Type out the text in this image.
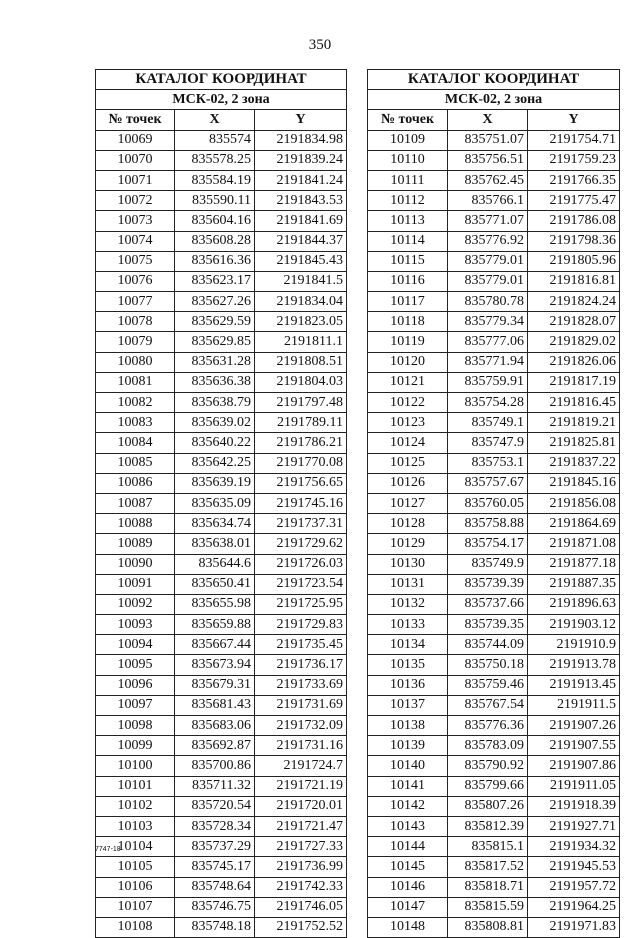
350
КАТАЛОГ КООРДИНАТ		
МСК-02, 2 зона		
№ точек	X	Y
10069	835574	2191834.98
10070	835578.25	2191839.24
10071	835584.19	2191841.24
10072	835590.11	2191843.53
10073	835604.16	2191841.69
10074	835608.28	2191844.37
10075	835616.36	2191845.43
10076	835623.17	2191841.5
10077	835627.26	2191834.04
10078	835629.59	2191823.05
10079	835629.85	2191811.1
10080	835631.28	2191808.51
10081	835636.38	2191804.03
10082	835638.79	2191797.48
10083	835639.02	2191789.11
10084	835640.22	2191786.21
10085	835642.25	2191770.08
10086	835639.19	2191756.65
10087	835635.09	2191745.16
10088	835634.74	2191737.31
10089	835638.01	2191729.62
10090	835644.6	2191726.03
10091	835650.41	2191723.54
10092	835655.98	2191725.95
10093	835659.88	2191729.83
10094	835667.44	2191735.45
10095	835673.94	2191736.17
10096	835679.31	2191733.69
10097	835681.43	2191731.69
10098	835683.06	2191732.09
10099	835692.87	2191731.16
10100	835700.86	2191724.7
10101	835711.32	2191721.19
10102	835720.54	2191720.01
10103	835728.34	2191721.47
10104	835737.29	2191727.33
10105	835745.17	2191736.99
10106	835748.64	2191742.33
10107	835746.75	2191746.05
10108	835748.18	2191752.52
КАТАЛОГ КООРДИНАТ		
МСК-02, 2 зона		
№ точек	X	Y
10109	835751.07	2191754.71
10110	835756.51	2191759.23
10111	835762.45	2191766.35
10112	835766.1	2191775.47
10113	835771.07	2191786.08
10114	835776.92	2191798.36
10115	835779.01	2191805.96
10116	835779.01	2191816.81
10117	835780.78	2191824.24
10118	835779.34	2191828.07
10119	835777.06	2191829.02
10120	835771.94	2191826.06
10121	835759.91	2191817.19
10122	835754.28	2191816.45
10123	835749.1	2191819.21
10124	835747.9	2191825.81
10125	835753.1	2191837.22
10126	835757.67	2191845.16
10127	835760.05	2191856.08
10128	835758.88	2191864.69
10129	835754.17	2191871.08
10130	835749.9	2191877.18
10131	835739.39	2191887.35
10132	835737.66	2191896.63
10133	835739.35	2191903.12
10134	835744.09	2191910.9
10135	835750.18	2191913.78
10136	835759.46	2191913.45
10137	835767.54	2191911.5
10138	835776.36	2191907.26
10139	835783.09	2191907.55
10140	835790.92	2191907.86
10141	835799.66	2191911.05
10142	835807.26	2191918.39
10143	835812.39	2191927.71
10144	835815.1	2191934.32
10145	835817.52	2191945.53
10146	835818.71	2191957.72
10147	835815.59	2191964.25
10148	835808.81	2191971.83
7747-18
